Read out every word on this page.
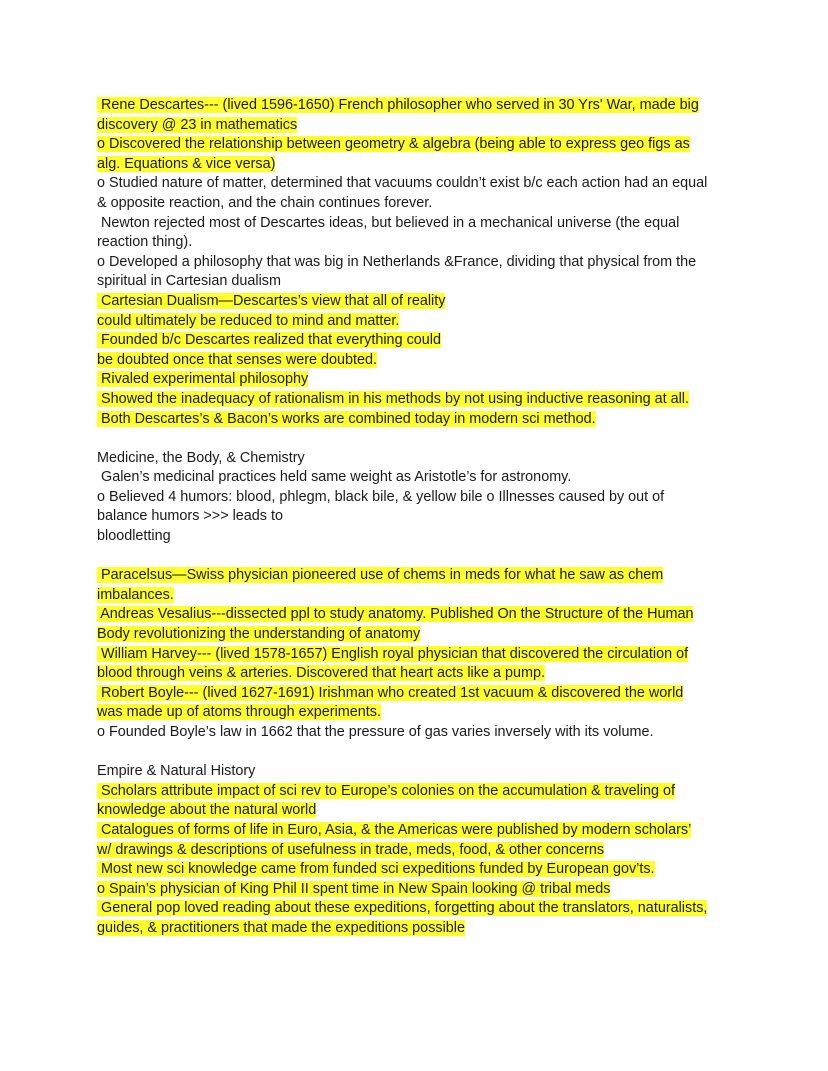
Rene Descartes--- (lived 1596-1650) French philosopher who served in 30 Yrs' War, made big
discovery @ 23 in mathematics
o Discovered the relationship between geometry & algebra (being able to express geo figs as
alg. Equations & vice versa)
o Studied nature of matter, determined that vacuums couldn’t exist b/c each action had an equal
& opposite reaction, and the chain continues forever.
Newton rejected most of Descartes ideas, but believed in a mechanical universe (the equal
reaction thing).
o Developed a philosophy that was big in Netherlands &France, dividing that physical from the
spiritual in Cartesian dualism
Cartesian Dualism—Descartes’s view that all of reality
could ultimately be reduced to mind and matter.
Founded b/c Descartes realized that everything could
be doubted once that senses were doubted.
Rivaled experimental philosophy
Showed the inadequacy of rationalism in his methods by not using inductive reasoning at all.
Both Descartes’s & Bacon’s works are combined today in modern sci method.
Medicine, the Body, & Chemistry
Galen’s medicinal practices held same weight as Aristotle’s for astronomy.
o Believed 4 humors: blood, phlegm, black bile, & yellow bile o Illnesses caused by out of
balance humors >>> leads to
bloodletting
Paracelsus—Swiss physician pioneered use of chems in meds for what he saw as chem
imbalances.
Andreas Vesalius---dissected ppl to study anatomy. Published On the Structure of the Human
Body revolutionizing the understanding of anatomy
William Harvey--- (lived 1578-1657) English royal physician that discovered the circulation of
blood through veins & arteries. Discovered that heart acts like a pump.
Robert Boyle--- (lived 1627-1691) Irishman who created 1st vacuum & discovered the world
was made up of atoms through experiments.
o Founded Boyle’s law in 1662 that the pressure of gas varies inversely with its volume.
Empire & Natural History
Scholars attribute impact of sci rev to Europe’s colonies on the accumulation & traveling of
knowledge about the natural world
Catalogues of forms of life in Euro, Asia, & the Americas were published by modern scholars’
w/ drawings & descriptions of usefulness in trade, meds, food, & other concerns
Most new sci knowledge came from funded sci expeditions funded by European gov’ts.
o Spain’s physician of King Phil II spent time in New Spain looking @ tribal meds
General pop loved reading about these expeditions, forgetting about the translators, naturalists,
guides, & practitioners that made the expeditions possible
